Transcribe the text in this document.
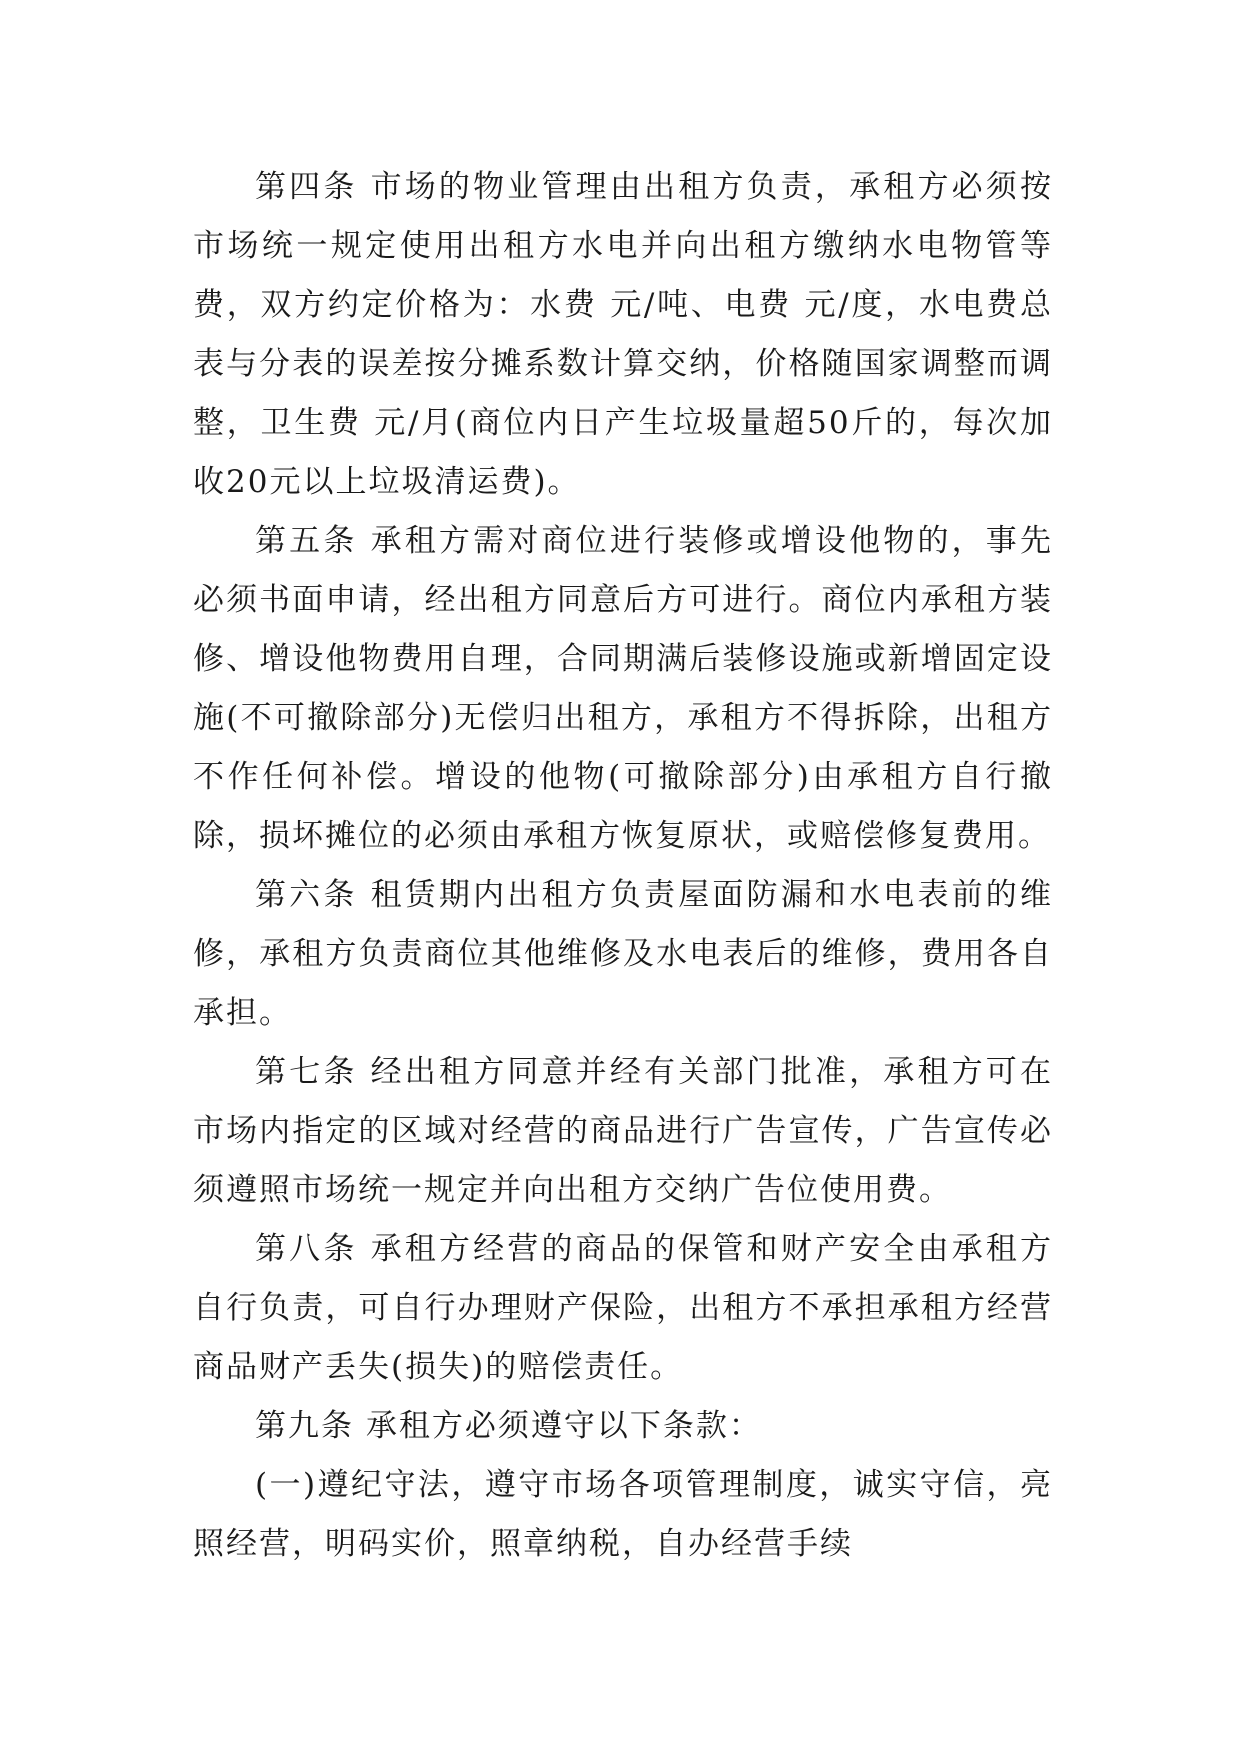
第四条 市场的物业管理由出租方负责，承租方必须按市场统一规定使用出租方水电并向出租方缴纳水电物管等费，双方约定价格为：水费 元/吨、电费 元/度，水电费总表与分表的误差按分摊系数计算交纳，价格随国家调整而调整，卫生费 元/月(商位内日产生垃圾量超50斤的，每次加收20元以上垃圾清运费)。

第五条 承租方需对商位进行装修或增设他物的，事先必须书面申请，经出租方同意后方可进行。商位内承租方装修、增设他物费用自理，合同期满后装修设施或新增固定设施(不可撤除部分)无偿归出租方，承租方不得拆除，出租方不作任何补偿。增设的他物(可撤除部分)由承租方自行撤除，损坏摊位的必须由承租方恢复原状，或赔偿修复费用。

第六条 租赁期内出租方负责屋面防漏和水电表前的维修，承租方负责商位其他维修及水电表后的维修，费用各自承担。

第七条 经出租方同意并经有关部门批准，承租方可在市场内指定的区域对经营的商品进行广告宣传，广告宣传必须遵照市场统一规定并向出租方交纳广告位使用费。

第八条 承租方经营的商品的保管和财产安全由承租方自行负责，可自行办理财产保险，出租方不承担承租方经营商品财产丢失(损失)的赔偿责任。

第九条 承租方必须遵守以下条款：

(一)遵纪守法，遵守市场各项管理制度，诚实守信，亮照经营，明码实价，照章纳税，自办经营手续
